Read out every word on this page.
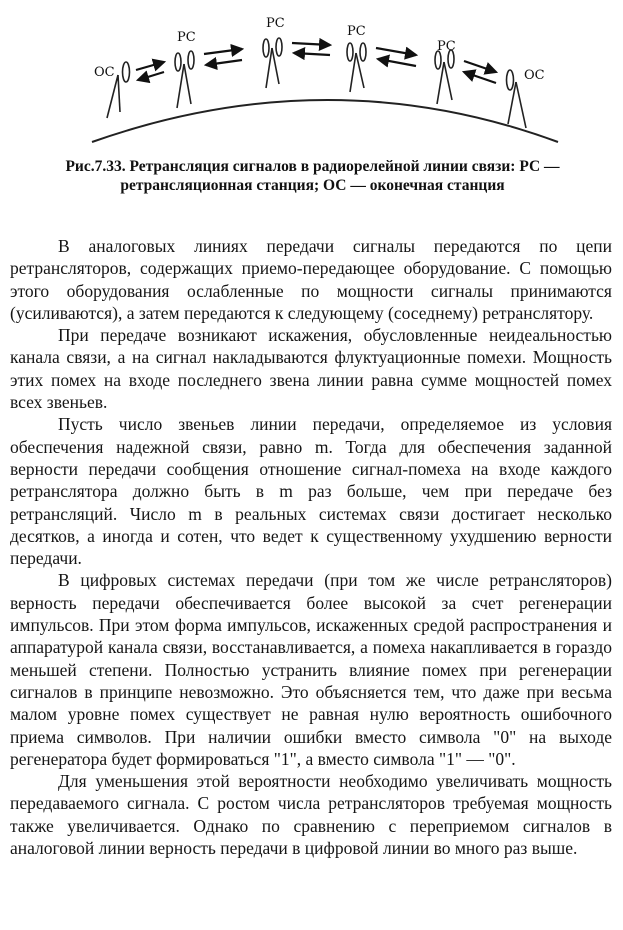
ОС
РС
РС
РС
РС
ОС
Рис.7.33. Ретрансляция сигналов в радиорелейной линии связи: РС — ретрансляционная станция; ОС — оконечная станция

В аналоговых линиях передачи сигналы передаются по цепи ретрансляторов, содержащих приемо-передающее оборудование. С помощью этого оборудования ослабленные по мощности сигналы принимаются (усиливаются), а затем передаются к следующему (соседнему) ретранслятору.

При передаче возникают искажения, обусловленные неидеальностью канала связи, а на сигнал накладываются флуктуационные помехи. Мощность этих помех на входе последнего звена линии равна сумме мощностей помех всех звеньев.

Пусть число звеньев линии передачи, определяемое из условия обеспечения надежной связи, равно m. Тогда для обеспечения заданной верности передачи сообщения отношение сигнал-помеха на входе каждого ретранслятора должно быть в m раз больше, чем при передаче без ретрансляций. Число m в реальных системах связи достигает несколько десятков, а иногда и сотен, что ведет к существенному ухудшению верности передачи.

В цифровых системах передачи (при том же числе ретрансляторов) верность передачи обеспечивается более высокой за счет регенерации импульсов. При этом форма импульсов, искаженных средой распространения и аппаратурой канала связи, восстанавливается, а помеха накапливается в гораздо меньшей степени. Полностью устранить влияние помех при регенерации сигналов в принципе невозможно. Это объясняется тем, что даже при весьма малом уровне помех существует не равная нулю вероятность ошибочного приема символов. При наличии ошибки вместо символа "0" на выходе регенератора будет формироваться "1", а вместо символа "1" — "0".

Для уменьшения этой вероятности необходимо увеличивать мощность передаваемого сигнала. С ростом числа ретрансляторов требуемая мощность также увеличивается. Однако по сравнению с переприемом сигналов в аналоговой линии верность передачи в цифровой линии во много раз выше.
